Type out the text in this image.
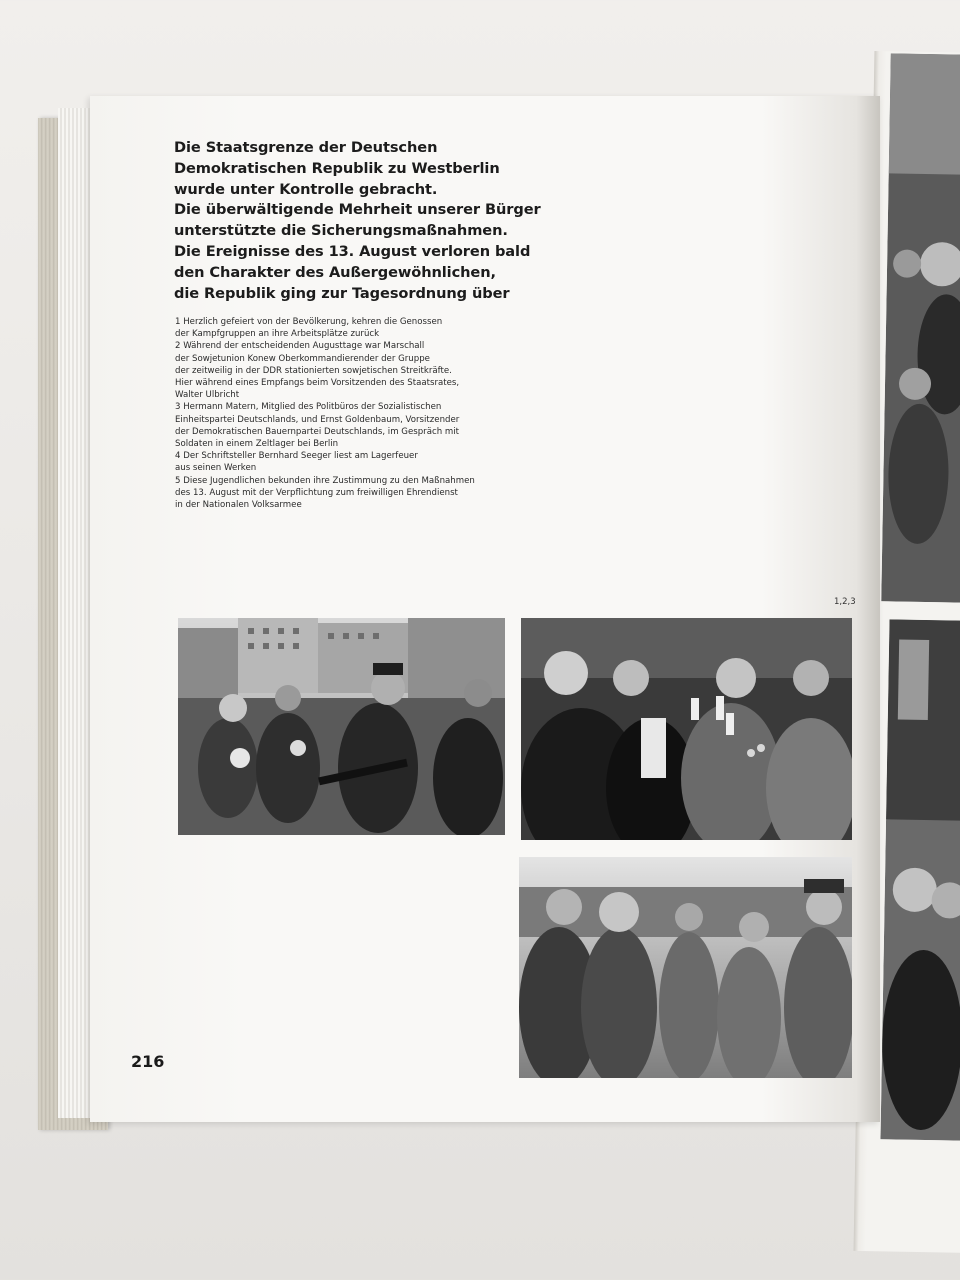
Die Staatsgrenze der Deutschen
Demokratischen Republik zu Westberlin
wurde unter Kontrolle gebracht.
Die überwältigende Mehrheit unserer Bürger
unterstützte die Sicherungsmaßnahmen.
Die Ereignisse des 13. August verloren bald
den Charakter des Außergewöhnlichen,
die Republik ging zur Tagesordnung über
1 Herzlich gefeiert von der Bevölkerung, kehren die Genossen
der Kampfgruppen an ihre Arbeitsplätze zurück
2 Während der entscheidenden Augusttage war Marschall
der Sowjetunion Konew Oberkommandierender der Gruppe
der zeitweilig in der DDR stationierten sowjetischen Streitkräfte.
Hier während eines Empfangs beim Vorsitzenden des Staatsrates,
Walter Ulbricht
3 Hermann Matern, Mitglied des Politbüros der Sozialistischen
Einheitspartei Deutschlands, und Ernst Goldenbaum, Vorsitzender
der Demokratischen Bauernpartei Deutschlands, im Gespräch mit
Soldaten in einem Zeltlager bei Berlin
4 Der Schriftsteller Bernhard Seeger liest am Lagerfeuer
aus seinen Werken
5 Diese Jugendlichen bekunden ihre Zustimmung zu den Maßnahmen
des 13. August mit der Verpflichtung zum freiwilligen Ehrendienst
in der Nationalen Volksarmee
1,2,3
216
